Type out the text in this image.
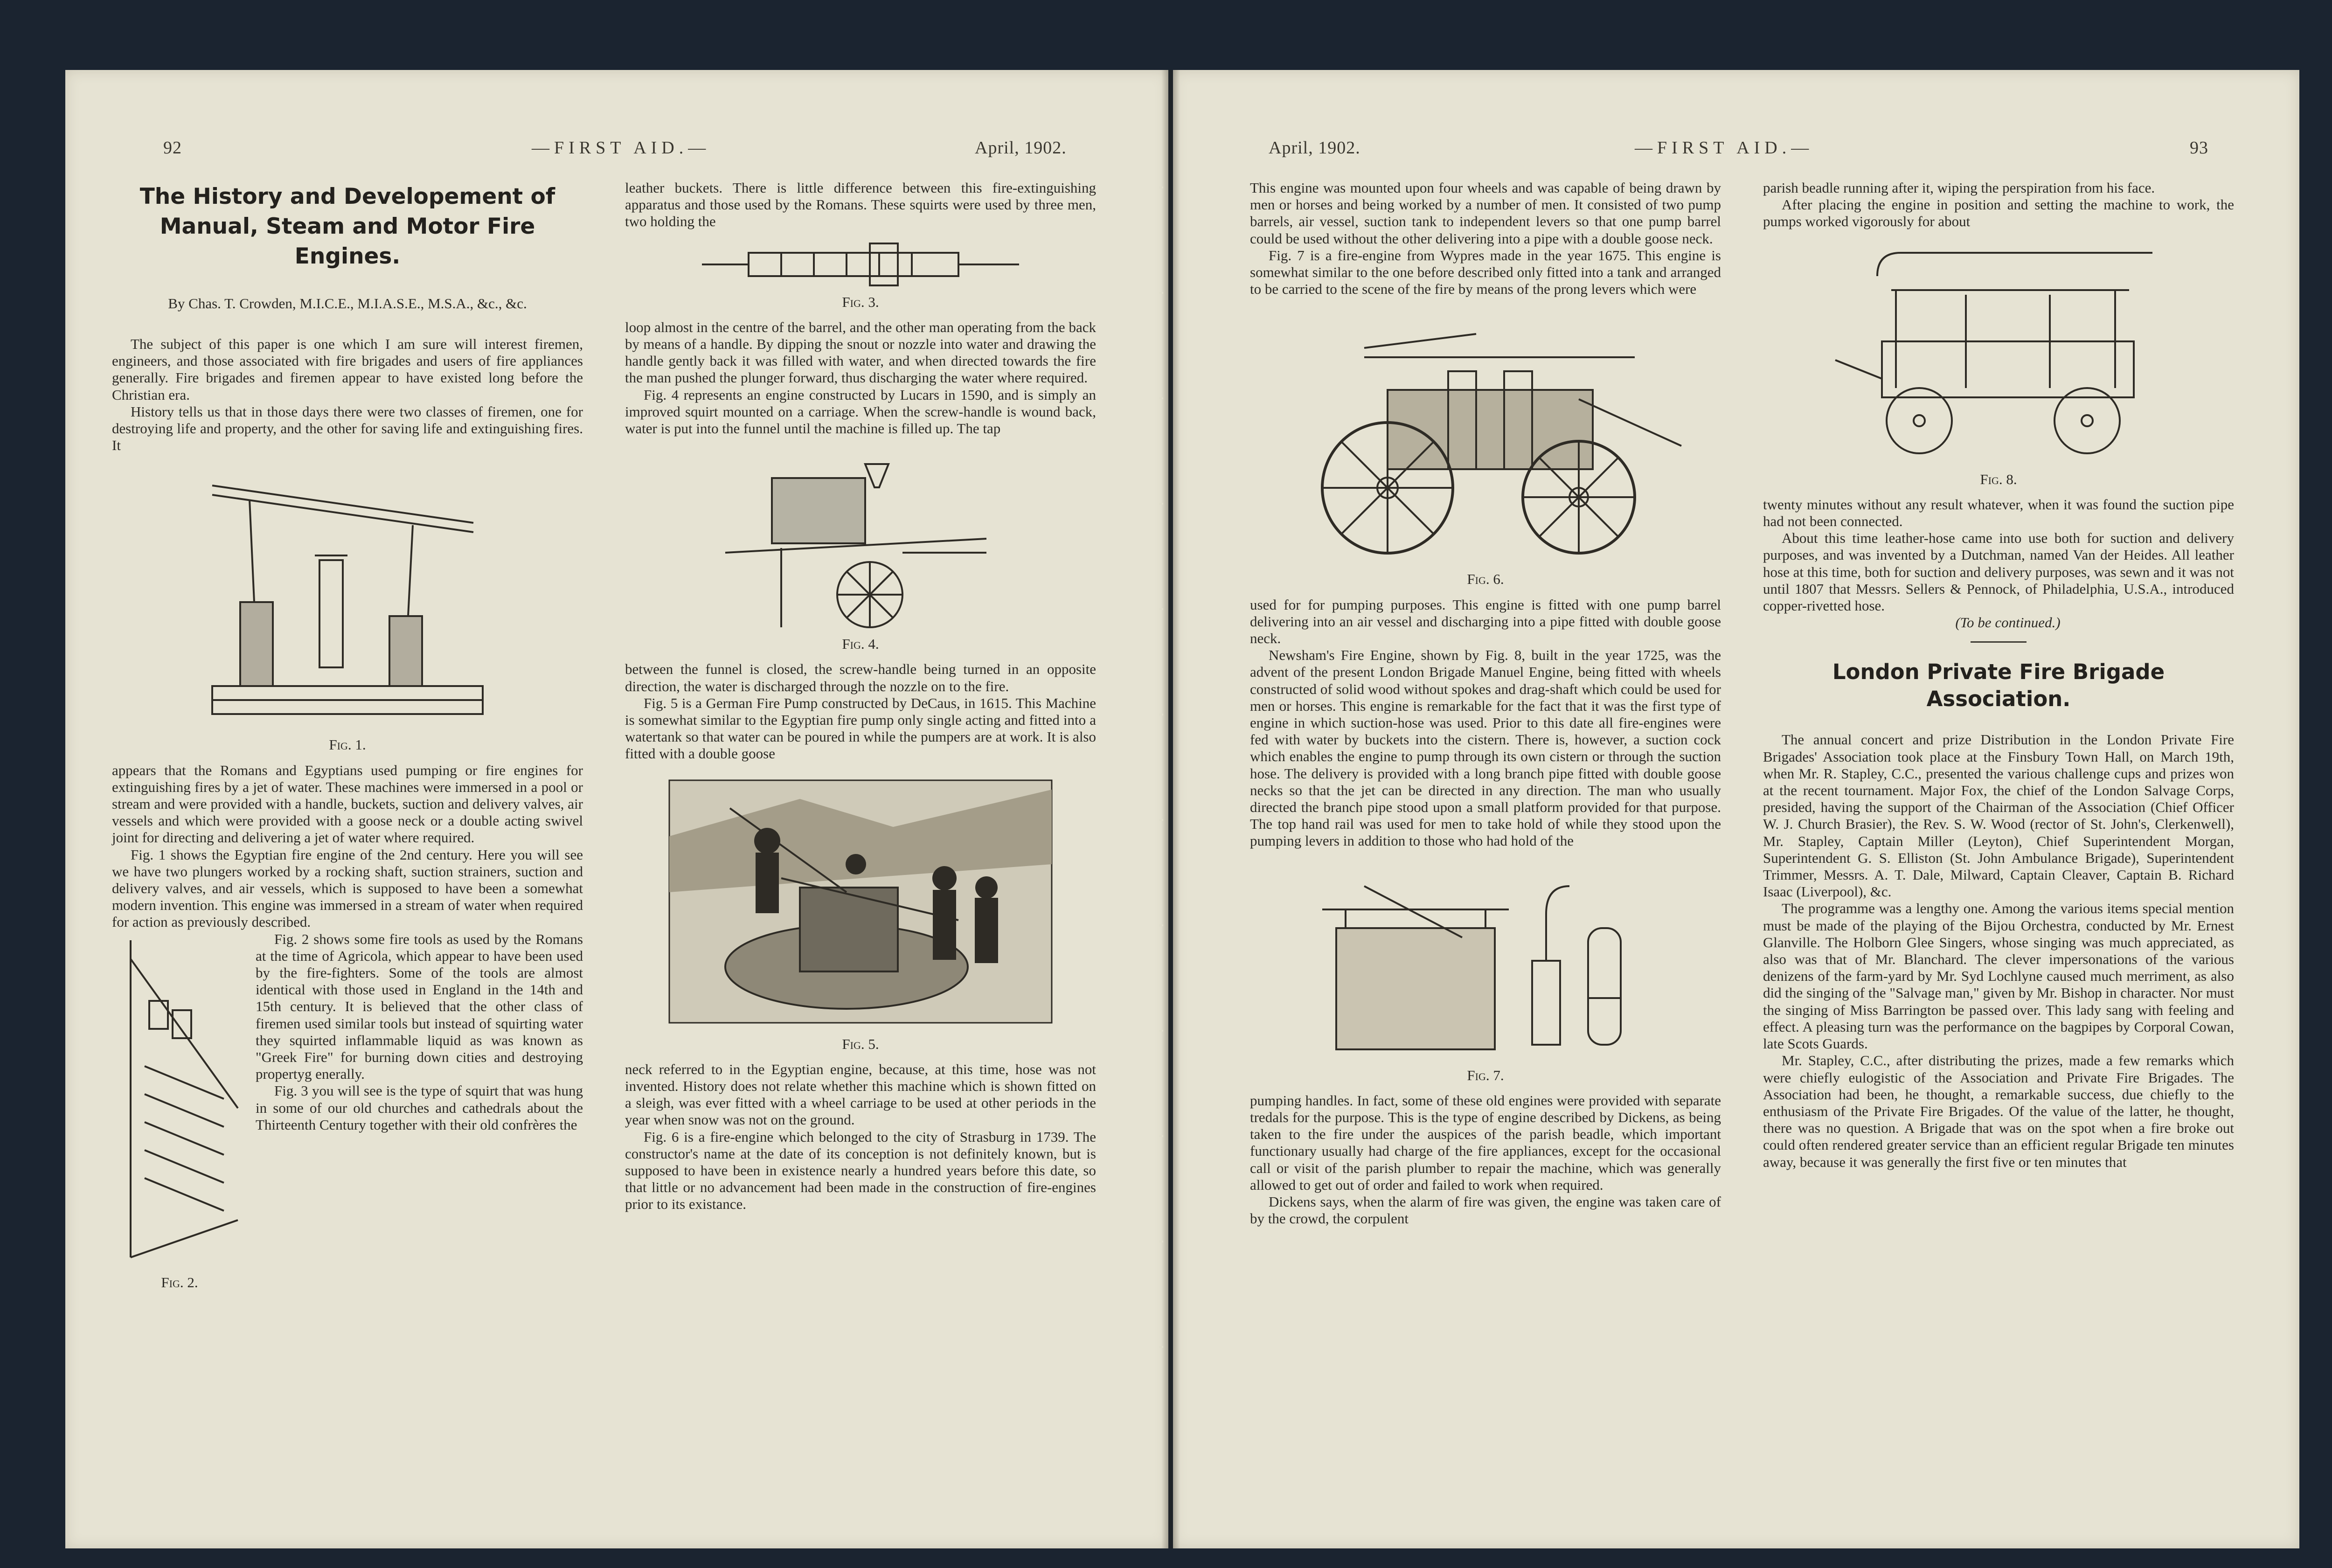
92	—FIRST AID.—	April, 1902.
The History and Developement of Manual, Steam and Motor Fire Engines.
By Chas. T. Crowden, M.I.C.E., M.I.A.S.E., M.S.A., &c., &c.

The subject of this paper is one which I am sure will interest firemen, engineers, and those associated with fire brigades and users of fire appliances generally. Fire brigades and firemen appear to have existed long before the Christian era.

History tells us that in those days there were two classes of firemen, one for destroying life and property, and the other for saving life and extinguishing fires. It

Fig. 1.

appears that the Romans and Egyptians used pumping or fire engines for extinguishing fires by a jet of water. These machines were immersed in a pool or stream and were provided with a handle, buckets, suction and delivery valves, air vessels and which were provided with a goose neck or a double acting swivel joint for directing and delivering a jet of water where required.

Fig. 1 shows the Egyptian fire engine of the 2nd century. Here you will see we have two plungers worked by a rocking shaft, suction strainers, suction and delivery valves, and air vessels, which is supposed to have been a somewhat modern invention. This engine was immersed in a stream of water when required for action as previously described.

Fig. 2.

Fig. 2 shows some fire tools as used by the Romans at the time of Agricola, which appear to have been used by the fire-fighters. Some of the tools are almost identical with those used in England in the 14th and 15th century. It is believed that the other class of firemen used similar tools but instead of squirting water they squirted inflammable liquid as was known as "Greek Fire" for burning down cities and destroying propertyg enerally.

Fig. 3 you will see is the type of squirt that was hung in some of our old churches and cathedrals about the Thirteenth Century together with their old confrères the

leather buckets. There is little difference between this fire-extinguishing apparatus and those used by the Romans. These squirts were used by three men, two holding the

Fig. 3.

loop almost in the centre of the barrel, and the other man operating from the back by means of a handle. By dipping the snout or nozzle into water and drawing the handle gently back it was filled with water, and when directed towards the fire the man pushed the plunger forward, thus discharging the water where required.

Fig. 4 represents an engine constructed by Lucars in 1590, and is simply an improved squirt mounted on a carriage. When the screw-handle is wound back, water is put into the funnel until the machine is filled up. The tap

Fig. 4.

between the funnel is closed, the screw-handle being turned in an opposite direction, the water is discharged through the nozzle on to the fire.

Fig. 5 is a German Fire Pump constructed by DeCaus, in 1615. This Machine is somewhat similar to the Egyptian fire pump only single acting and fitted into a watertank so that water can be poured in while the pumpers are at work. It is also fitted with a double goose

Fig. 5.

neck referred to in the Egyptian engine, because, at this time, hose was not invented. History does not relate whether this machine which is shown fitted on a sleigh, was ever fitted with a wheel carriage to be used at other periods in the year when snow was not on the ground.

Fig. 6 is a fire-engine which belonged to the city of Strasburg in 1739. The constructor's name at the date of its conception is not definitely known, but is supposed to have been in existence nearly a hundred years before this date, so that little or no advancement had been made in the construction of fire-engines prior to its existance.

April, 1902.	—FIRST AID.—	93

This engine was mounted upon four wheels and was capable of being drawn by men or horses and being worked by a number of men. It consisted of two pump barrels, air vessel, suction tank to independent levers so that one pump barrel could be used without the other delivering into a pipe with a double goose neck.

Fig. 7 is a fire-engine from Wypres made in the year 1675. This engine is somewhat similar to the one before described only fitted into a tank and arranged to be carried to the scene of the fire by means of the prong levers which were

Fig. 6.

used for for pumping purposes. This engine is fitted with one pump barrel delivering into an air vessel and discharging into a pipe fitted with double goose neck.

Newsham's Fire Engine, shown by Fig. 8, built in the year 1725, was the advent of the present London Brigade Manuel Engine, being fitted with wheels constructed of solid wood without spokes and drag-shaft which could be used for men or horses. This engine is remarkable for the fact that it was the first type of engine in which suction-hose was used. Prior to this date all fire-engines were fed with water by buckets into the cistern. There is, however, a suction cock which enables the engine to pump through its own cistern or through the suction hose. The delivery is provided with a long branch pipe fitted with double goose necks so that the jet can be directed in any direction. The man who usually directed the branch pipe stood upon a small platform provided for that purpose. The top hand rail was used for men to take hold of while they stood upon the pumping levers in addition to those who had hold of the

Fig. 7.

pumping handles. In fact, some of these old engines were provided with separate tredals for the purpose. This is the type of engine described by Dickens, as being taken to the fire under the auspices of the parish beadle, which important functionary usually had charge of the fire appliances, except for the occasional call or visit of the parish plumber to repair the machine, which was generally allowed to get out of order and failed to work when required.

Dickens says, when the alarm of fire was given, the engine was taken care of by the crowd, the corpulent

parish beadle running after it, wiping the perspiration from his face.

After placing the engine in position and setting the machine to work, the pumps worked vigorously for about

Fig. 8.

twenty minutes without any result whatever, when it was found the suction pipe had not been connected.

About this time leather-hose came into use both for suction and delivery purposes, and was invented by a Dutchman, named Van der Heides. All leather hose at this time, both for suction and delivery purposes, was sewn and it was not until 1807 that Messrs. Sellers & Pennock, of Philadelphia, U.S.A., introduced copper-rivetted hose.

(To be continued.)

London Private Fire Brigade Association.

The annual concert and prize Distribution in the London Private Fire Brigades' Association took place at the Finsbury Town Hall, on March 19th, when Mr. R. Stapley, C.C., presented the various challenge cups and prizes won at the recent tournament. Major Fox, the chief of the London Salvage Corps, presided, having the support of the Chairman of the Association (Chief Officer W. J. Church Brasier), the Rev. S. W. Wood (rector of St. John's, Clerkenwell), Mr. Stapley, Captain Miller (Leyton), Chief Superintendent Morgan, Superintendent G. S. Elliston (St. John Ambulance Brigade), Superintendent Trimmer, Messrs. A. T. Dale, Milward, Captain Cleaver, Captain B. Richard Isaac (Liverpool), &c.

The programme was a lengthy one. Among the various items special mention must be made of the playing of the Bijou Orchestra, conducted by Mr. Ernest Glanville. The Holborn Glee Singers, whose singing was much appreciated, as also was that of Mr. Blanchard. The clever impersonations of the various denizens of the farm-yard by Mr. Syd Lochlyne caused much merriment, as also did the singing of the "Salvage man," given by Mr. Bishop in character. Nor must the singing of Miss Barrington be passed over. This lady sang with feeling and effect. A pleasing turn was the performance on the bagpipes by Corporal Cowan, late Scots Guards.

Mr. Stapley, C.C., after distributing the prizes, made a few remarks which were chiefly eulogistic of the Association and Private Fire Brigades. The Association had been, he thought, a remarkable success, due chiefly to the enthusiasm of the Private Fire Brigades. Of the value of the latter, he thought, there was no question. A Brigade that was on the spot when a fire broke out could often rendered greater service than an efficient regular Brigade ten minutes away, because it was generally the first five or ten minutes that
